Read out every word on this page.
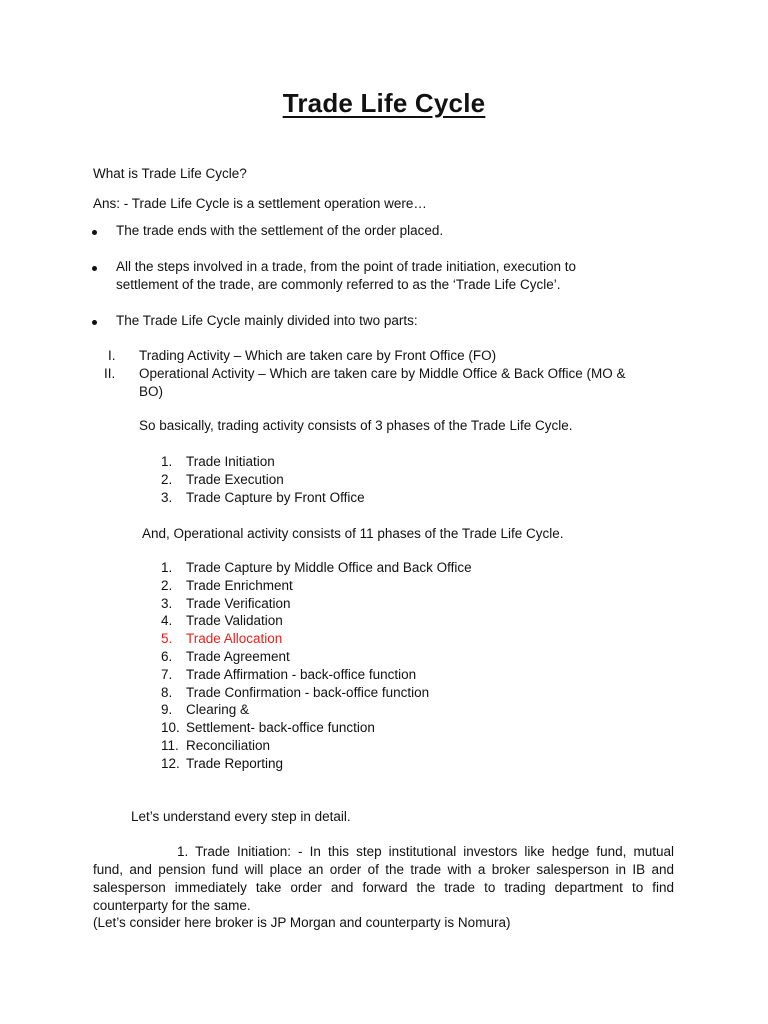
Trade Life Cycle
What is Trade Life Cycle?
Ans: - Trade Life Cycle is a settlement operation were…
The trade ends with the settlement of the order placed.
All the steps involved in a trade, from the point of trade initiation, execution to
settlement of the trade, are commonly referred to as the ‘Trade Life Cycle’.
The Trade Life Cycle mainly divided into two parts:
I. Trading Activity – Which are taken care by Front Office (FO)
II. Operational Activity – Which are taken care by Middle Office & Back Office (MO &
BO)
So basically, trading activity consists of 3 phases of the Trade Life Cycle.
1. Trade Initiation
2. Trade Execution
3. Trade Capture by Front Office
And, Operational activity consists of 11 phases of the Trade Life Cycle.
1. Trade Capture by Middle Office and Back Office
2. Trade Enrichment
3. Trade Verification
4. Trade Validation
5. Trade Allocation
6. Trade Agreement
7. Trade Affirmation - back-office function
8. Trade Confirmation - back-office function
9. Clearing &
10. Settlement- back-office function
11. Reconciliation
12. Trade Reporting
Let’s understand every step in detail.
1. Trade Initiation: - In this step institutional investors like hedge fund, mutual
fund, and pension fund will place an order of the trade with a broker salesperson in IB and
salesperson immediately take order and forward the trade to trading department to find
counterparty for the same.
(Let’s consider here broker is JP Morgan and counterparty is Nomura)
